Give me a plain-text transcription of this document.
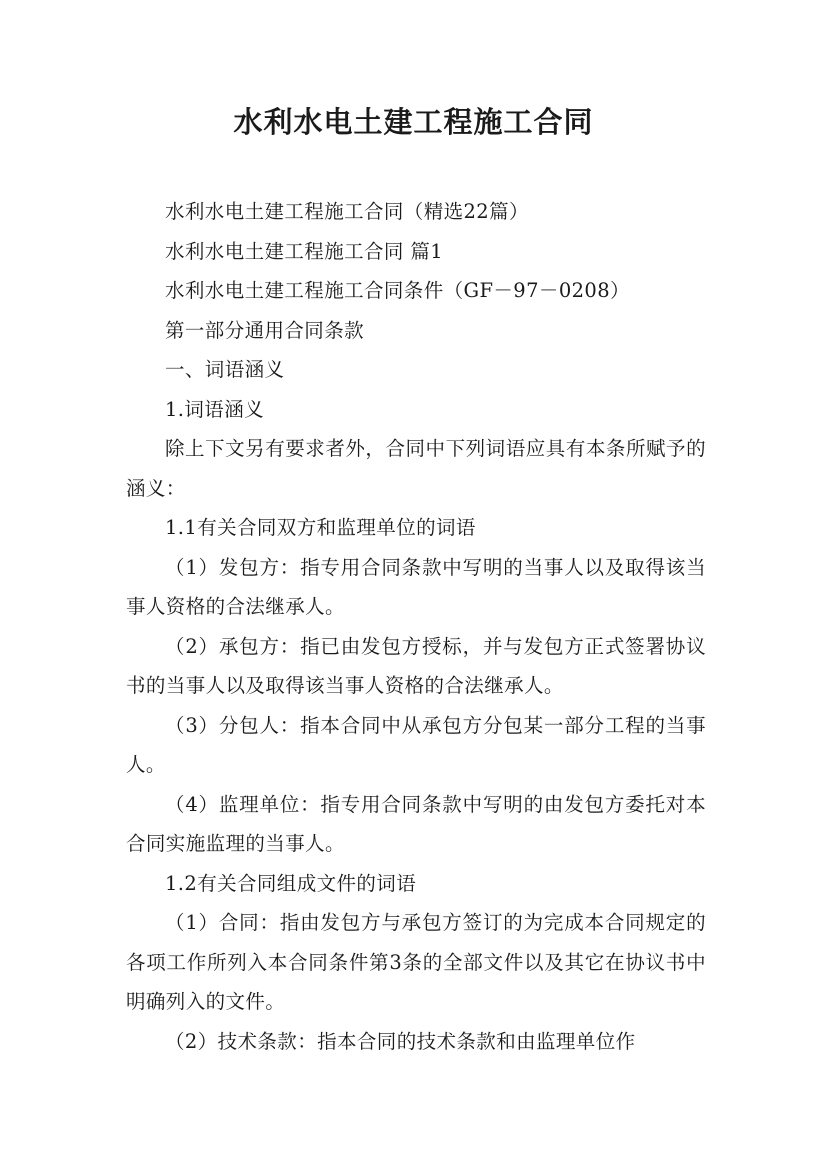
水利水电土建工程施工合同

水利水电土建工程施工合同（精选22篇）

水利水电土建工程施工合同 篇1

水利水电土建工程施工合同条件（GF－97－0208）

第一部分通用合同条款

一、词语涵义

1.词语涵义

除上下文另有要求者外，合同中下列词语应具有本条所赋予的涵义：

1.1有关合同双方和监理单位的词语

（1）发包方：指专用合同条款中写明的当事人以及取得该当事人资格的合法继承人。

（2）承包方：指已由发包方授标，并与发包方正式签署协议书的当事人以及取得该当事人资格的合法继承人。

（3）分包人：指本合同中从承包方分包某一部分工程的当事人。

（4）监理单位：指专用合同条款中写明的由发包方委托对本合同实施监理的当事人。

1.2有关合同组成文件的词语

（1）合同：指由发包方与承包方签订的为完成本合同规定的各项工作所列入本合同条件第3条的全部文件以及其它在协议书中明确列入的文件。

（2）技术条款：指本合同的技术条款和由监理单位作
